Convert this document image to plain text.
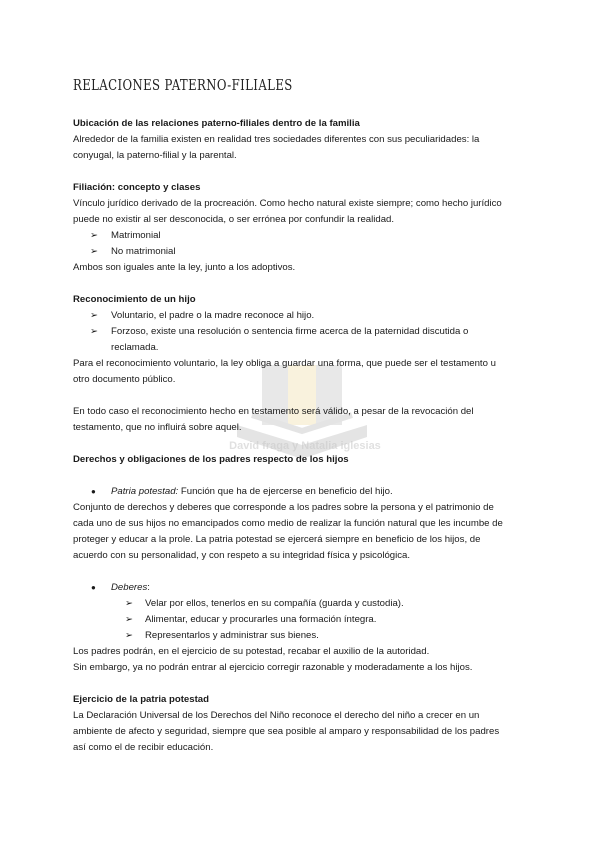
David fraga y Natalia iglesias
RELACIONES PATERNO-FILIALES

Ubicación de las relaciones paterno-filiales dentro de la familia

Alrededor de la familia existen en realidad tres sociedades diferentes con sus peculiaridades: la

conyugal, la paterno-filial y la parental.

Filiación: concepto y clases

Vínculo jurídico derivado de la procreación. Como hecho natural existe siempre; como hecho jurídico

puede no existir al ser desconocida, o ser errónea por confundir la realidad.

➢ Matrimonial

➢ No matrimonial

Ambos son iguales ante la ley, junto a los adoptivos.

Reconocimiento de un hijo

➢ Voluntario, el padre o la madre reconoce al hijo.

➢ Forzoso, existe una resolución o sentencia firme acerca de la paternidad discutida o

reclamada.

Para el reconocimiento voluntario, la ley obliga a guardar una forma, que puede ser el testamento u

otro documento público.

En todo caso el reconocimiento hecho en testamento será válido, a pesar de la revocación del

testamento, que no influirá sobre aquel.

Derechos y obligaciones de los padres respecto de los hijos

● Patria potestad: Función que ha de ejercerse en beneficio del hijo.

Conjunto de derechos y deberes que corresponde a los padres sobre la persona y el patrimonio de

cada uno de sus hijos no emancipados como medio de realizar la función natural que les incumbe de

proteger y educar a la prole. La patria potestad se ejercerá siempre en beneficio de los hijos, de

acuerdo con su personalidad, y con respeto a su integridad física y psicológica.

● Deberes:

➢ Velar por ellos, tenerlos en su compañía (guarda y custodia).

➢ Alimentar, educar y procurarles una formación íntegra.

➢ Representarlos y administrar sus bienes.

Los padres podrán, en el ejercicio de su potestad, recabar el auxilio de la autoridad.

Sin embargo, ya no podrán entrar al ejercicio corregir razonable y moderadamente a los hijos.

Ejercicio de la patria potestad

La Declaración Universal de los Derechos del Niño reconoce el derecho del niño a crecer en un

ambiente de afecto y seguridad, siempre que sea posible al amparo y responsabilidad de los padres

así como el de recibir educación.
